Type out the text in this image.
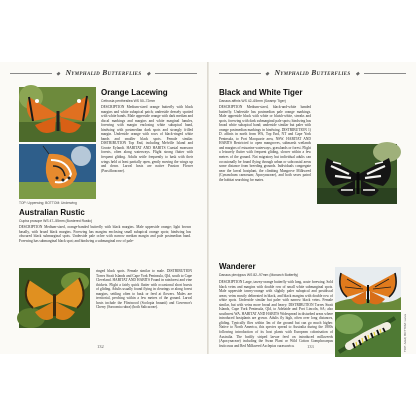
◆ Nymphalid Butterflies ◆
TOP: Upperwing; BOTTOM: Underwing
Orange Lacewing
Cethosia penthesilea WS 50–72mm
DESCRIPTION Medium-sized orange butterfly with black margins and white subapical patch; underside densely spotted with white bands. Male upperside orange with dark median and discal markings and margins and white marginal lunules, forewing with margin enclosing white subapical band, hindwing with postmedian dark spots and strongly frilled margin. Underside orange with rows of black-ringed white bands and smaller black spots. Female similar. DISTRIBUTION Top End, including Melville Island and Groote Eylandt. HABITAT AND HABITS Coastal monsoon forests, often along waterways. Flight strong flutter with frequent gliding. Adults settle frequently to bask with their wings held at least partially open, gently moving the wings up and down. Larval hosts are native Passion Flower (Passifloraceae).
Australian Rustic
Cupha prosope WS 47–55mm (Bordered Rustic)
DESCRIPTION Medium-sized, orange-banded butterfly with black margins. Male upperside orange; light brown basally, with broad black margins. Forewing has margins enclosing small subapical orange spots; hindwing has obscured black submarginal spots. Underside pale ochre with narrow median margin and pale postmedian band. Forewing has submarginal black spot; and hindwing a submarginal row of pale-
ringed black spots. Female similar to male. DISTRIBUTION Torres Strait Islands and Cape York Peninsula, Qld, south to Cape Cleveland. HABITAT AND HABITS Found in rainforest and vine thickets. Flight a fairly quick flutter with occasional short bursts of gliding. Adults usually found flying in clearings or along forest margins, settling often to bask or feed at flowers. Males are territorial, perching within a few metres of the ground. Larval hosts include the Flintwood (Scolopia braunii) and Governor's Cherry (Sarcomia rubra) (both Salicaceae).
132
◆ Nymphalid Butterflies ◆
Black and White Tiger
Danaus affinis WS 42–65mm (Swamp Tiger)
DESCRIPTION Medium-sized, black-and-white banded butterfly. Underside has postmedian pale orange markings. Male upperside black with white or bluish-white, streaks and spots, forewing with dark submarginal pale spots; hindwing has broad white subapical band; underside similar but paler with orange postmedian markings in hindwing. DISTRIBUTION 1) D. affinis in north from WA, Top End, NT and Cape York Peninsula, to Port Macquarie area, NSW. HABITAT AND HABITS Restricted to open mangroves, saltmarsh wetlands and margins of estuarine waterways, grasslands or forest. Flight a leisurely flutter with frequent gliding, slower within a few metres of the ground. Not migratory but individual adults can occasionally be found flying through urban or subcoastal areas some distance from breeding grounds. Individuals congregate near the larval hostplant, the climbing Mangrove Milkweed (Cynanchum carnosum; Apocynaceae), and both sexes patrol the habitat searching for mates.
Wanderer
Danaus plexippus WS 82–97mm (Monarch Butterfly)
DESCRIPTION Large, tawny-orange butterfly with long, acute forewing. Sold black veins and margins with double row of small white submarginal spots. Male upperside tawny-orange with slightly paler subapical and postdiscal areas; veins mostly delineated in black, and black margins with double row of white spots. Underside similar but paler with narrow black veins. Female similar, but with veins more broad and heavy. DISTRIBUTION Torres Strait Islands, Cape York Peninsula, Qld, to Adelaide and Port Lincoln, SA; also southwest WA. HABITAT AND HABITS Widespread in disturbed areas where introduced hostplants are grown. Adults fly high, often over long distances, gliding. Typically flies within 3m of the ground but can go much higher. Native to North America, this species spread to Australia during the 1800s following introduction of its host plants with European colonisation of Australia. The bodily striped larvae feed on introduced milkweeds (Apocynaceae) including the Swan Plant or Wild Cotton Gomphocarpus fruticosus and Red Milkweed Asclepias curassavica.	TOP: Adult; BOTTOM: Larva
133
